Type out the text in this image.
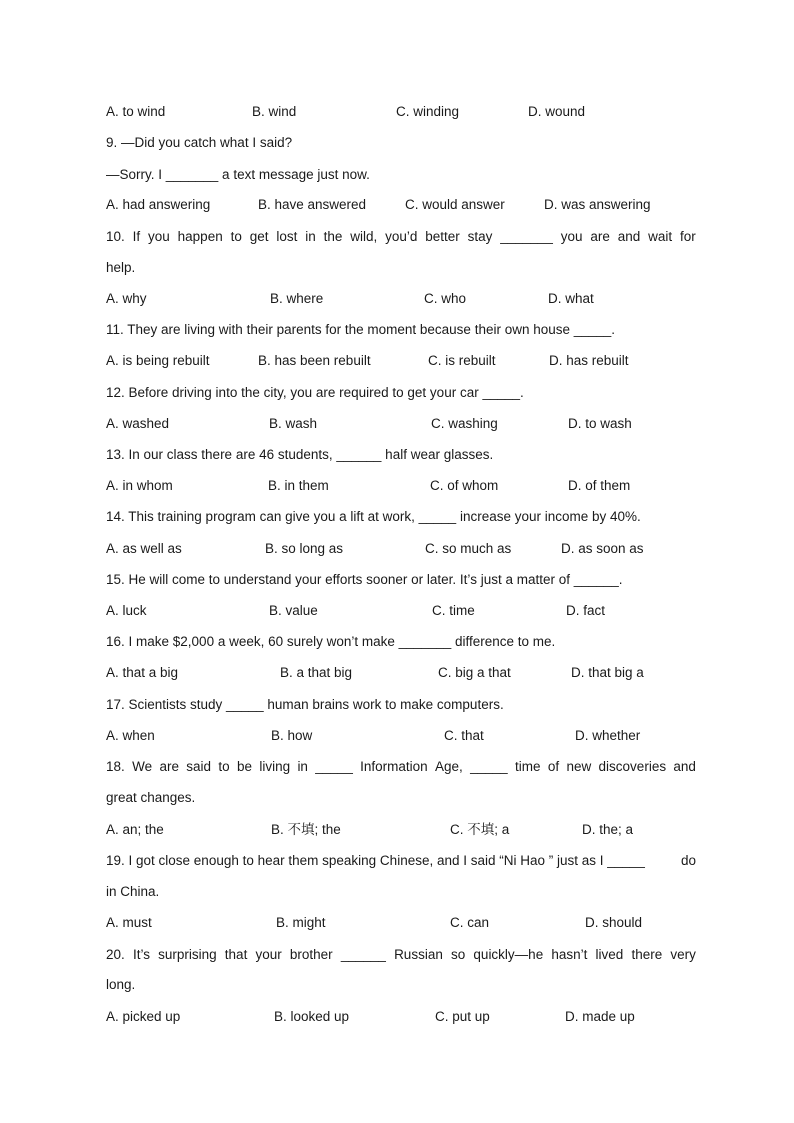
A. to wind	B. wind	C. winding	D. wound
9. —Did you catch what I said?
—Sorry. I _______ a text message just now.
A. had answering	B. have answered	C. would answer	D. was answering
10. If you happen to get lost in the wild, you’d better stay _______ you are and wait for
help.
A. why	B. where	C. who	D. what
11. They are living with their parents for the moment because their own house _____.
A. is being rebuilt	B. has been rebuilt	C. is rebuilt	D. has rebuilt
12. Before driving into the city, you are required to get your car _____.
A. washed	B. wash	C. washing	D. to wash
13. In our class there are 46 students, ______ half wear glasses.
A. in whom	B. in them	C. of whom	D. of them
14. This training program can give you a lift at work, _____ increase your income by 40%.
A. as well as	B. so long as	C. so much as	D. as soon as
15. He will come to understand your efforts sooner or later. It’s just a matter of ______.
A. luck	B. value	C. time	D. fact
16. I make $2,000 a week, 60 surely won’t make _______ difference to me.
A. that a big	B. a that big	C. big a that	D. that big a
17. Scientists study _____ human brains work to make computers.
A. when	B. how	C. that	D. whether
18. We are said to be living in _____ Information Age, _____ time of new discoveries and
great changes.
A. an; the	B. 不填; the	C. 不填; a	D. the; a
19. I got close enough to hear them speaking Chinese, and I said “Ni Hao ” just as I _____	do
in China.
A. must	B. might	C. can	D. should
20. It’s surprising that your brother ______ Russian so quickly—he hasn’t lived there very
long.
A. picked up	B. looked up	C. put up	D. made up
